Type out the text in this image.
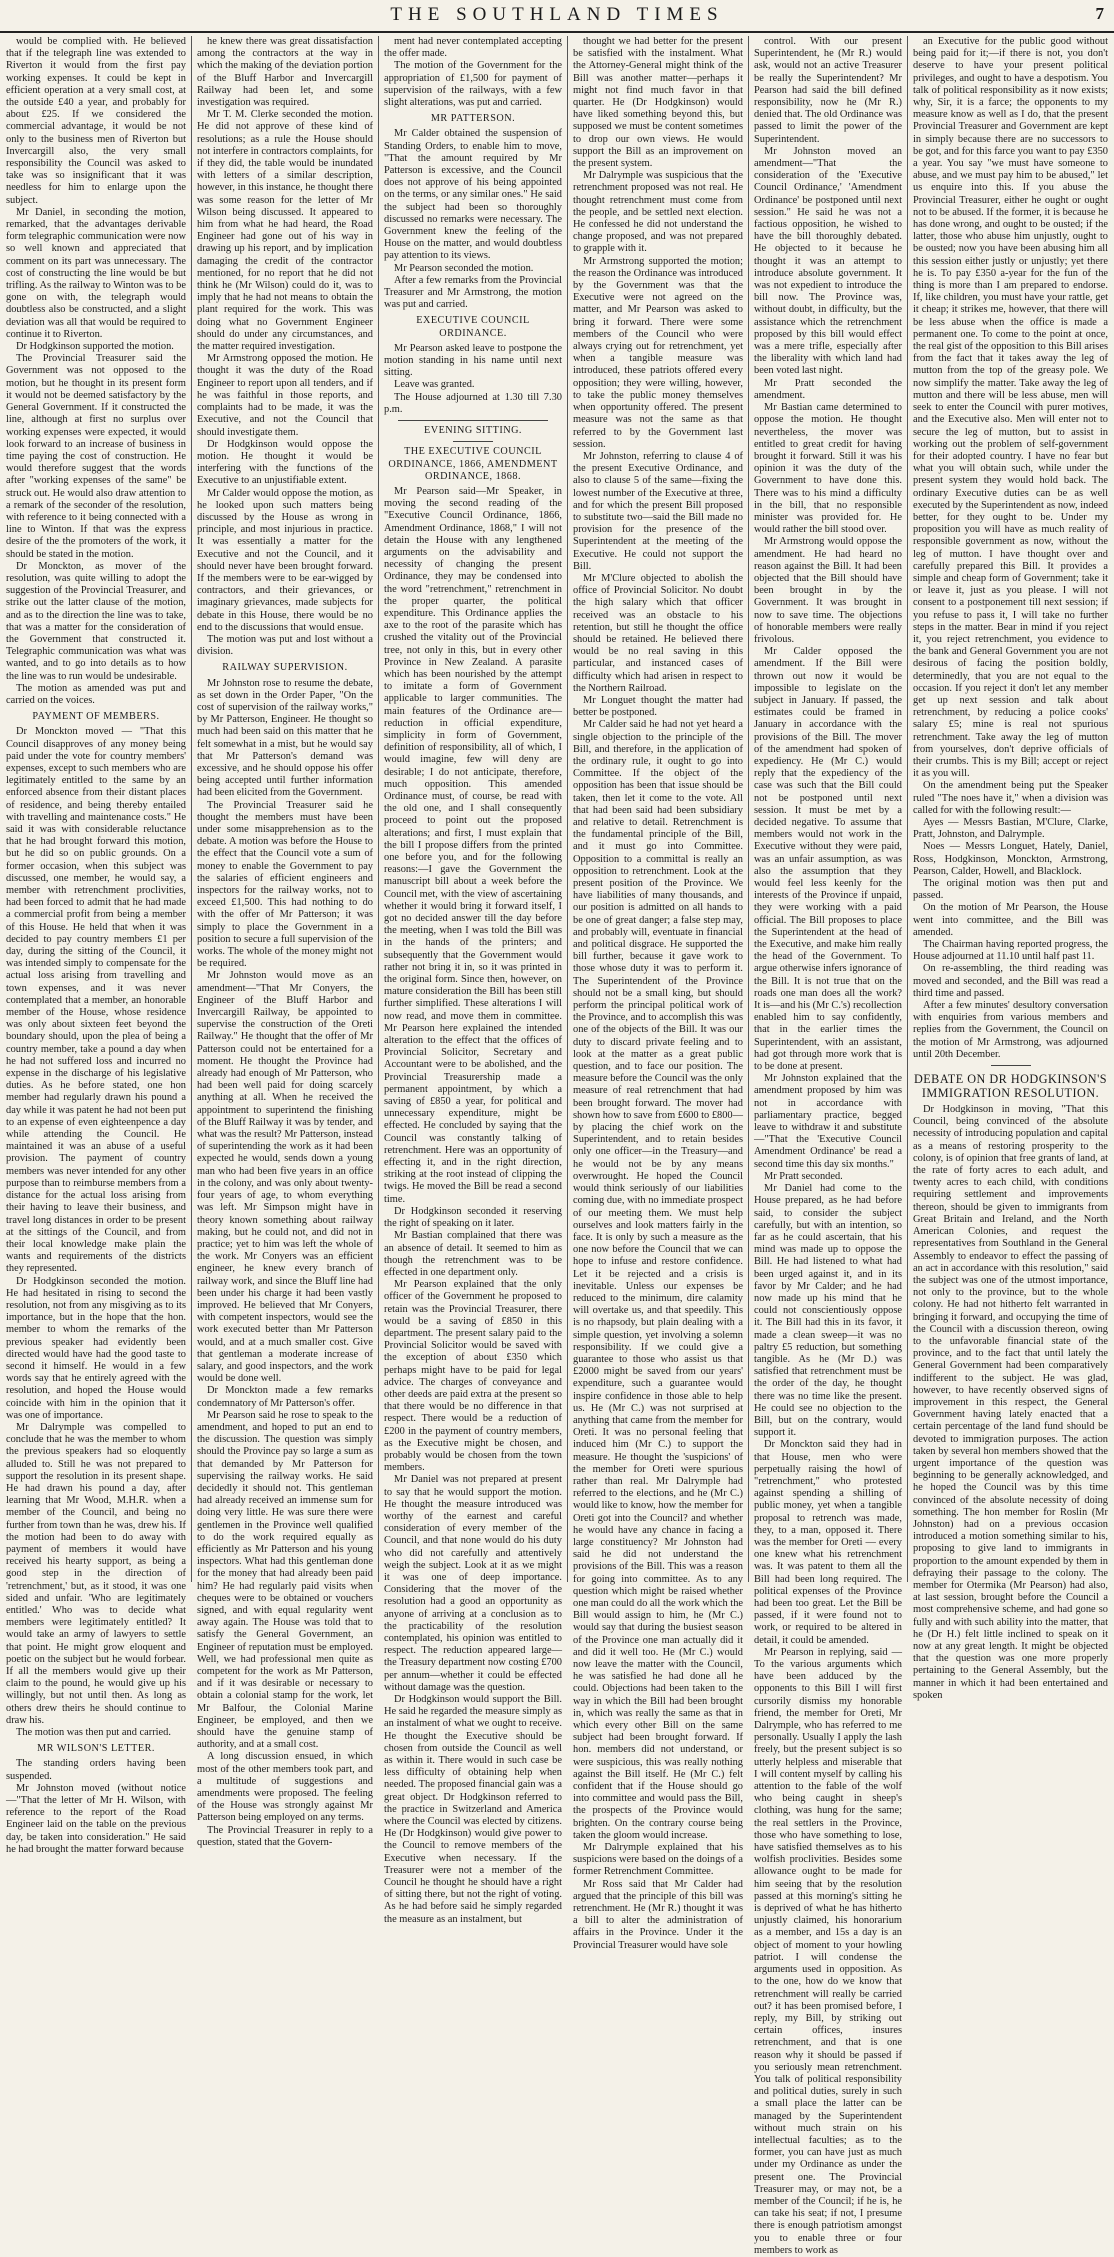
THE SOUTHLAND TIMES	7

would be complied with. He believed that if the telegraph line was extended to Riverton it would from the first pay working expenses. It could be kept in efficient operation at a very small cost, at the outside £40 a year, and probably for about £25. If we considered the commercial advantage, it would be not only to the business men of Riverton but Invercargill also, the very small responsibility the Council was asked to take was so insignificant that it was needless for him to enlarge upon the subject.

Mr Daniel, in seconding the motion, remarked, that the advantages derivable form telegraphic communication were now so well known and appreciated that comment on its part was unnecessary. The cost of constructing the line would be but trifling. As the railway to Winton was to be gone on with, the telegraph would doubtless also be constructed, and a slight deviation was all that would be required to continue it to Riverton.

Dr Hodgkinson supported the motion.

The Provincial Treasurer said the Government was not opposed to the motion, but he thought in its present form it would not be deemed satisfactory by the General Government. If it constructed the line, although at first no surplus over working expenses were expected, it would look forward to an increase of business in time paying the cost of construction. He would therefore suggest that the words after "working expenses of the same" be struck out. He would also draw attention to a remark of the seconder of the resolution, with reference to it being connected with a line to Winton. If that was the express desire of the the promoters of the work, it should be stated in the motion.

Dr Monckton, as mover of the resolution, was quite willing to adopt the suggestion of the Provincial Treasurer, and strike out the latter clause of the motion, and as to the direction the line was to take, that was a matter for the consideration of the Government that constructed it. Telegraphic communication was what was wanted, and to go into details as to how the line was to run would be undesirable.

The motion as amended was put and carried on the voices.

PAYMENT OF MEMBERS.

Dr Monckton moved — "That this Council disapproves of any money being paid under the vote for country members' expenses, except to such members who are legitimately entitled to the same by an enforced absence from their distant places of residence, and being thereby entailed with travelling and maintenance costs." He said it was with considerable reluctance that he had brought forward this motion, but he did so on public grounds. On a former occasion, when this subject was discussed, one member, he would say, a member with retrenchment proclivities, had been forced to admit that he had made a commercial profit from being a member of this House. He held that when it was decided to pay country members £1 per day, during the sitting of the Council, it was intended simply to compensate for the actual loss arising from travelling and town expenses, and it was never contemplated that a member, an honorable member of the House, whose residence was only about sixteen feet beyond the boundary should, upon the plea of being a country member, take a pound a day when he had not suffered loss and incurred no expense in the discharge of his legislative duties. As he before stated, one hon member had regularly drawn his pound a day while it was patent he had not been put to an expense of even eighteenpence a day while attending the Council. He maintained it was an abuse of a useful provision. The payment of country members was never intended for any other purpose than to reimburse members from a distance for the actual loss arising from their having to leave their business, and travel long distances in order to be present at the sittings of the Council, and from their local knowledge make plain the wants and requirements of the districts they represented.

Dr Hodgkinson seconded the motion. He had hesitated in rising to second the resolution, not from any misgiving as to its importance, but in the hope that the hon. member to whom the remarks of the previous speaker had evidently been directed would have had the good taste to second it himself. He would in a few words say that he entirely agreed with the resolution, and hoped the House would coincide with him in the opinion that it was one of importance.

Mr Dalrymple was compelled to conclude that he was the member to whom the previous speakers had so eloquently alluded to. Still he was not prepared to support the resolution in its present shape. He had drawn his pound a day, after learning that Mr Wood, M.H.R. when a member of the Council, and being no further from town than he was, drew his. If the motion had been to do away with payment of members it would have received his hearty support, as being a good step in the direction of 'retrenchment,' but, as it stood, it was one sided and unfair. 'Who are legitimately entitled.' Who was to decide what members were legitimately entitled? It would take an army of lawyers to settle that point. He might grow eloquent and poetic on the subject but he would forbear. If all the members would give up their claim to the pound, he would give up his willingly, but not until then. As long as others drew theirs he should continue to draw his.

The motion was then put and carried.

MR WILSON'S LETTER.

The standing orders having been suspended.

Mr Johnston moved (without notice—"That the letter of Mr H. Wilson, with reference to the report of the Road Engineer laid on the table on the previous day, be taken into consideration." He said he had brought the matter forward because

he knew there was great dissatisfaction among the contractors at the way in which the making of the deviation portion of the Bluff Harbor and Invercargill Railway had been let, and some investigation was required.

Mr T. M. Clerke seconded the motion. He did not approve of these kind of resolutions; as a rule the House should not interfere in contractors complaints, for if they did, the table would be inundated with letters of a similar description, however, in this instance, he thought there was some reason for the letter of Mr Wilson being discussed. It appeared to him from what he had heard, the Road Engineer had gone out of his way in drawing up his report, and by implication damaging the credit of the contractor mentioned, for no report that he did not think he (Mr Wilson) could do it, was to imply that he had not means to obtain the plant required for the work. This was doing what no Government Engineer should do under any circumstances, and the matter required investigation.

Mr Armstrong opposed the motion. He thought it was the duty of the Road Engineer to report upon all tenders, and if he was faithful in those reports, and complaints had to be made, it was the Executive, and not the Council that should investigate them.

Dr Hodgkinson would oppose the motion. He thought it would be interfering with the functions of the Executive to an unjustifiable extent.

Mr Calder would oppose the motion, as he looked upon such matters being discussed by the House as wrong in principle, and most injurious in practice. It was essentially a matter for the Executive and not the Council, and it should never have been brought forward. If the members were to be ear-wigged by contractors, and their grievances, or imaginary grievances, made subjects for debate in this House, there would be no end to the discussions that would ensue.

The motion was put and lost without a division.

RAILWAY SUPERVISION.

Mr Johnston rose to resume the debate, as set down in the Order Paper, "On the cost of supervision of the railway works," by Mr Patterson, Engineer. He thought so much had been said on this matter that he felt somewhat in a mist, but he would say that Mr Patterson's demand was excessive, and he should oppose his offer being accepted until further information had been elicited from the Government.

The Provincial Treasurer said he thought the members must have been under some misapprehension as to the debate. A motion was before the House to the effect that the Council vote a sum of money to enable the Government to pay the salaries of efficient engineers and inspectors for the railway works, not to exceed £1,500. This had nothing to do with the offer of Mr Patterson; it was simply to place the Government in a position to secure a full supervision of the works. The whole of the money might not be required.

Mr Johnston would move as an amendment—"That Mr Conyers, the Engineer of the Bluff Harbor and Invercargill Railway, be appointed to supervise the construction of the Oreti Railway." He thought that the offer of Mr Patterson could not be entertained for a moment. He thought the Province had already had enough of Mr Patterson, who had been well paid for doing scarcely anything at all. When he received the appointment to superintend the finishing of the Bluff Railway it was by tender, and what was the result? Mr Patterson, instead of superintending the work as it had been expected he would, sends down a young man who had been five years in an office in the colony, and was only about twenty-four years of age, to whom everything was left. Mr Simpson might have in theory known something about railway making, but he could not, and did not in practice; yet to him was left the whole of the work. Mr Conyers was an efficient engineer, he knew every branch of railway work, and since the Bluff line had been under his charge it had been vastly improved. He believed that Mr Conyers, with competent inspectors, would see the work executed better than Mr Patterson would, and at a much smaller cost. Give that gentleman a moderate increase of salary, and good inspectors, and the work would be done well.

Dr Monckton made a few remarks condemnatory of Mr Patterson's offer.

Mr Pearson said he rose to speak to the amendment, and hoped to put an end to the discussion. The question was simply should the Province pay so large a sum as that demanded by Mr Patterson for supervising the railway works. He said decidedly it should not. This gentleman had already received an immense sum for doing very little. He was sure there were gentlemen in the Province well qualified to do the work required equally as efficiently as Mr Patterson and his young inspectors. What had this gentleman done for the money that had already been paid him? He had regularly paid visits when cheques were to be obtained or vouchers signed, and with equal regularity went away again. The House was told that to satisfy the General Government, an Engineer of reputation must be employed. Well, we had professional men quite as competent for the work as Mr Patterson, and if it was desirable or necessary to obtain a colonial stamp for the work, let Mr Balfour, the Colonial Marine Engineer, be employed, and then we should have the genuine stamp of authority, and at a small cost.

A long discussion ensued, in which most of the other members took part, and a multitude of suggestions and amendments were proposed. The feeling of the House was strongly against Mr Patterson being employed on any terms.

The Provincial Treasurer in reply to a question, stated that the Govern-

ment had never contemplated accepting the offer made.

The motion of the Government for the appropriation of £1,500 for payment of supervision of the railways, with a few slight alterations, was put and carried.

MR PATTERSON.

Mr Calder obtained the suspension of Standing Orders, to enable him to move, "That the amount required by Mr Patterson is excessive, and the Council does not approve of his being appointed on the terms, or any similar ones." He said the subject had been so thoroughly discussed no remarks were necessary. The Government knew the feeling of the House on the matter, and would doubtless pay attention to its views.

Mr Pearson seconded the motion.

After a few remarks from the Provincial Treasurer and Mr Armstrong, the motion was put and carried.

EXECUTIVE COUNCIL ORDINANCE.

Mr Pearson asked leave to postpone the motion standing in his name until next sitting.

Leave was granted.

The House adjourned at 1.30 till 7.30 p.m.

EVENING SITTING.
THE EXECUTIVE COUNCIL ORDINANCE, 1866, AMENDMENT ORDINANCE, 1868.

Mr Pearson said—Mr Speaker, in moving the second reading of the "Executive Council Ordinance, 1866, Amendment Ordinance, 1868," I will not detain the House with any lengthened arguments on the advisability and necessity of changing the present Ordinance, they may be condensed into the word "retrenchment," retrenchment in the proper quarter, the political expenditure. This Ordinance applies the axe to the root of the parasite which has crushed the vitality out of the Provincial tree, not only in this, but in every other Province in New Zealand. A parasite which has been nourished by the attempt to imitate a form of Government applicable to larger communities. The main features of the Ordinance are—reduction in official expenditure, simplicity in form of Government, definition of responsibility, all of which, I would imagine, few will deny are desirable; I do not anticipate, therefore, much opposition. This amended Ordinance must, of course, be read with the old one, and I shall consequently proceed to point out the proposed alterations; and first, I must explain that the bill I propose differs from the printed one before you, and for the following reasons:—I gave the Government the manuscript bill about a week before the Council met, with the view of ascertaining whether it would bring it forward itself, I got no decided answer till the day before the meeting, when I was told the Bill was in the hands of the printers; and subsequently that the Government would rather not bring it in, so it was printed in the original form. Since then, however, on mature consideration the Bill has been still further simplified. These alterations I will now read, and move them in committee. Mr Pearson here explained the intended alteration to the effect that the offices of Provincial Solicitor, Secretary and Accountant were to be abolished, and the Provincial Treasurership made a permanent appointment, by which a saving of £850 a year, for political and unnecessary expenditure, might be effected. He concluded by saying that the Council was constantly talking of retrenchment. Here was an opportunity of effecting it, and in the right direction, striking at the root instead of clipping the twigs. He moved the Bill be read a second time.

Dr Hodgkinson seconded it reserving the right of speaking on it later.

Mr Bastian complained that there was an absence of detail. It seemed to him as though the retrenchment was to be effected in one department only.

Mr Pearson explained that the only officer of the Government he proposed to retain was the Provincial Treasurer, there would be a saving of £850 in this department. The present salary paid to the Provincial Solicitor would be saved with the exception of about £350 which perhaps might have to be paid for legal advice. The charges of conveyance and other deeds are paid extra at the present so that there would be no difference in that respect. There would be a reduction of £200 in the payment of country members, as the Executive might be chosen, and probably would be chosen from the town members.

Mr Daniel was not prepared at present to say that he would support the motion. He thought the measure introduced was worthy of the earnest and careful consideration of every member of the Council, and that none would do his duty who did not carefully and attentively weigh the subject. Look at it as we might it was one of deep importance. Considering that the mover of the resolution had a good an opportunity as anyone of arriving at a conclusion as to the practicability of the resolution contemplated, his opinion was entitled to respect. The reduction appeared large—the Treasury department now costing £700 per annum—whether it could be effected without damage was the question.

Dr Hodgkinson would support the Bill. He said he regarded the measure simply as an instalment of what we ought to receive. He thought the Executive should be chosen from outside the Council as well as within it. There would in such case be less difficulty of obtaining help when needed. The proposed financial gain was a great object. Dr Hodgkinson referred to the practice in Switzerland and America where the Council was elected by citizens. He (Dr Hodgkinson) would give power to the Council to remove members of the Executive when necessary. If the Treasurer were not a member of the Council he thought he should have a right of sitting there, but not the right of voting. As he had before said he simply regarded the measure as an instalment, but

thought we had better for the present be satisfied with the instalment. What the Attorney-General might think of the Bill was another matter—perhaps it might not find much favor in that quarter. He (Dr Hodgkinson) would have liked something beyond this, but supposed we must be content sometimes to drop our own views. He would support the Bill as an improvement on the present system.

Mr Dalrymple was suspicious that the retrenchment proposed was not real. He thought retrenchment must come from the people, and be settled next election. He confessed he did not understand the change proposed, and was not prepared to grapple with it.

Mr Armstrong supported the motion; the reason the Ordinance was introduced by the Government was that the Executive were not agreed on the matter, and Mr Pearson was asked to bring it forward. There were some members of the Council who were always crying out for retrenchment, yet when a tangible measure was introduced, these patriots offered every opposition; they were willing, however, to take the public money themselves when opportunity offered. The present measure was not the same as that referred to by the Government last session.

Mr Johnston, referring to clause 4 of the present Executive Ordinance, and also to clause 5 of the same—fixing the lowest number of the Executive at three, and for which the present Bill proposed to substitute two—said the Bill made no provision for the presence of the Superintendent at the meeting of the Executive. He could not support the Bill.

Mr M'Clure objected to abolish the office of Provincial Solicitor. No doubt the high salary which that officer received was an obstacle to his retention, but still he thought the office should be retained. He believed there would be no real saving in this particular, and instanced cases of difficulty which had arisen in respect to the Northern Railroad.

Mr Longuet thought the matter had better be postponed.

Mr Calder said he had not yet heard a single objection to the principle of the Bill, and therefore, in the application of the ordinary rule, it ought to go into Committee. If the object of the opposition has been that issue should be taken, then let it come to the vote. All that had been said had been subsidiary and relative to detail. Retrenchment is the fundamental principle of the Bill, and it must go into Committee. Opposition to a committal is really an opposition to retrenchment. Look at the present position of the Province. We have liabilities of many thousands, and our position is admitted on all hands to be one of great danger; a false step may, and probably will, eventuate in financial and political disgrace. He supported the bill further, because it gave work to those whose duty it was to perform it. The Superintendent of the Province should not be a small king, but should perform the principal political work of the Province, and to accomplish this was one of the objects of the Bill. It was our duty to discard private feeling and to look at the matter as a great public question, and to face our position. The measure before the Council was the only measure of real retrenchment that had been brought forward. The mover had shown how to save from £600 to £800—by placing the chief work on the Superintendent, and to retain besides only one officer—in the Treasury—and he would not be by any means overwrought. He hoped the Council would think seriously of our liabilities coming due, with no immediate prospect of our meeting them. We must help ourselves and look matters fairly in the face. It is only by such a measure as the one now before the Council that we can hope to infuse and restore confidence. Let it be rejected and a crisis is inevitable. Unless our expenses be reduced to the minimum, dire calamity will overtake us, and that speedily. This is no rhapsody, but plain dealing with a simple question, yet involving a solemn responsibility. If we could give a guarantee to those who assist us that £2000 might be saved from our years' expenditure, such a guarantee would inspire confidence in those able to help us. He (Mr C.) was not surprised at anything that came from the member for Oreti. It was no personal feeling that induced him (Mr C.) to support the measure. He thought the 'suspicions' of the member for Oreti were spurious rather than real. Mr Dalrymple had referred to the elections, and he (Mr C.) would like to know, how the member for Oreti got into the Council? and whether he would have any chance in facing a large constituency? Mr Johnston had said he did not understand the provisions of the Bill. This was a reason for going into committee. As to any question which might be raised whether one man could do all the work which the Bill would assign to him, he (Mr C.) would say that during the busiest season of the Province one man actually did it and did it well too. He (Mr C.) would now leave the matter with the Council, he was satisfied he had done all he could. Objections had been taken to the way in which the Bill had been brought in, which was really the same as that in which every other Bill on the same subject had been brought forward. If hon. members did not understand, or were suspicious, this was really nothing against the Bill itself. He (Mr C.) felt confident that if the House should go into committee and would pass the Bill, the prospects of the Province would brighten. On the contrary course being taken the gloom would increase.

Mr Dalrymple explained that his suspicions were based on the doings of a former Retrenchment Committee.

Mr Ross said that Mr Calder had argued that the principle of this bill was retrenchment. He (Mr R.) thought it was a bill to alter the administration of affairs in the Province. Under it the Provincial Treasurer would have sole

control. With our present Superintendent, he (Mr R.) would ask, would not an active Treasurer be really the Superintendent? Mr Pearson had said the bill defined responsibility, now he (Mr R.) denied that. The old Ordinance was passed to limit the power of the Superintendent.

Mr Johnston moved an amendment—"That the consideration of the 'Executive Council Ordinance,' 'Amendment Ordinance' be postponed until next session." He said he was not a factious opposition, he wished to have the bill thoroughly debated. He objected to it because he thought it was an attempt to introduce absolute government. It was not expedient to introduce the bill now. The Province was, without doubt, in difficulty, but the assistance which the retrenchment proposed by this bill would effect was a mere trifle, especially after the liberality with which land had been voted last night.

Mr Pratt seconded the amendment.

Mr Bastian came determined to oppose the motion. He thought nevertheless, the mover was entitled to great credit for having brought it forward. Still it was his opinion it was the duty of the Government to have done this. There was to his mind a difficulty in the bill, that no responsible minister was provided for. He would rather the bill stood over.

Mr Armstrong would oppose the amendment. He had heard no reason against the Bill. It had been objected that the Bill should have been brought in by the Government. It was brought in now to save time. The objections of honorable members were really frivolous.

Mr Calder opposed the amendment. If the Bill were thrown out now it would be impossible to legislate on the subject in January. If passed, the estimates could be framed in January in accordance with the provisions of the Bill. The mover of the amendment had spoken of expediency. He (Mr C.) would reply that the expediency of the case was such that the Bill could not be postponed until next session. It must be met by a decided negative. To assume that members would not work in the Executive without they were paid, was an unfair assumption, as was also the assumption that they would feel less keenly for the interests of the Province if unpaid, they were working with a paid official. The Bill proposes to place the Superintendent at the head of the Executive, and make him really the head of the Government. To argue otherwise infers ignorance of the Bill. It is not true that on the roads one man does all the work? It is—and his (Mr C.'s) recollection enabled him to say confidently, that in the earlier times the Superintendent, with an assistant, had got through more work that is to be done at present.

Mr Johnston explained that the amendment proposed by him was not in accordance with parliamentary practice, begged leave to withdraw it and substitute—"That the 'Executive Council Amendment Ordinance' be read a second time this day six months."

Mr Pratt seconded.

Mr Daniel had come to the House prepared, as he had before said, to consider the subject carefully, but with an intention, so far as he could ascertain, that his mind was made up to oppose the Bill. He had listened to what had been urged against it, and in its favor by Mr Calder; and he had now made up his mind that he could not conscientiously oppose it. The Bill had this in its favor, it made a clean sweep—it was no paltry £5 reduction, but something tangible. As he (Mr D.) was satisfied that retrenchment must be the order of the day, he thought there was no time like the present. He could see no objection to the Bill, but on the contrary, would support it.

Dr Monckton said they had in that House, men who were perpetually raising the howl of "retrenchment," who protested against spending a shilling of public money, yet when a tangible proposal to retrench was made, they, to a man, opposed it. There was the member for Oreti — every one knew what his retrenchment was. It was patent to them all the Bill had been long required. The political expenses of the Province had been too great. Let the Bill be passed, if it were found not to work, or required to be altered in detail, it could be amended.

Mr Pearson in replying, said — To the various arguments which have been adduced by the opponents to this Bill I will first cursorily dismiss my honorable friend, the member for Oreti, Mr Dalrymple, who has referred to me personally. Usually I apply the lash freely, but the present subject is so utterly helpless and miserable that I will content myself by calling his attention to the fable of the wolf who being caught in sheep's clothing, was hung for the same; the real settlers in the Province, those who have something to lose, have satisfied themselves as to his wolfish proclivities. Besides some allowance ought to be made for him seeing that by the resolution passed at this morning's sitting he is deprived of what he has hitherto unjustly claimed, his honorarium as a member, and 15s a day is an object of moment to your howling patriot. I will condense the arguments used in opposition. As to the one, how do we know that retrenchment will really be carried out? it has been promised before, I reply, my Bill, by striking out certain offices, insures retrenchment, and that is one reason why it should be passed if you seriously mean retrenchment. You talk of political responsibility and political duties, surely in such a small place the latter can be managed by the Superintendent without much strain on his intellectual faculties; as to the former, you can have just as much under my Ordinance as under the present one. The Provincial Treasurer may, or may not, be a member of the Council; if he is, he can take his seat; if not, I presume there is enough patriotism amongst you to enable three or four members to work as

an Executive for the public good without being paid for it;—if there is not, you don't deserve to have your present political privileges, and ought to have a despotism. You talk of political responsibility as it now exists; why, Sir, it is a farce; the opponents to my measure know as well as I do, that the present Provincial Treasurer and Government are kept in simply because there are no successors to be got, and for this farce you want to pay £350 a year. You say "we must have someone to abuse, and we must pay him to be abused," let us enquire into this. If you abuse the Provincial Treasurer, either he ought or ought not to be abused. If the former, it is because he has done wrong, and ought to be ousted; if the latter, those who abuse him unjustly, ought to be ousted; now you have been abusing him all this session either justly or unjustly; yet there he is. To pay £350 a-year for the fun of the thing is more than I am prepared to endorse. If, like children, you must have your rattle, get it cheap; it strikes me, however, that there will be less abuse when the office is made a permanent one. To come to the point at once, the real gist of the opposition to this Bill arises from the fact that it takes away the leg of mutton from the top of the greasy pole. We now simplify the matter. Take away the leg of mutton and there will be less abuse, men will seek to enter the Council with purer motives, and the Executive also. Men will enter not to secure the leg of mutton, but to assist in working out the problem of self-government for their adopted country. I have no fear but what you will obtain such, while under the present system they would hold back. The ordinary Executive duties can be as well executed by the Superintendent as now, indeed better, for they ought to be. Under my proposition you will have as much reality of responsible government as now, without the leg of mutton. I have thought over and carefully prepared this Bill. It provides a simple and cheap form of Government; take it or leave it, just as you please. I will not consent to a postponement till next session; if you refuse to pass it, I will take no further steps in the matter. Bear in mind if you reject it, you reject retrenchment, you evidence to the bank and General Government you are not desirous of facing the position boldly, determinedly, that you are not equal to the occasion. If you reject it don't let any member get up next session and talk about retrenchment, by reducing a police cooks' salary £5; mine is real not spurious retrenchment. Take away the leg of mutton from yourselves, don't deprive officials of their crumbs. This is my Bill; accept or reject it as you will.

On the amendment being put the Speaker ruled "The noes have it," when a division was called for with the following result:—

Ayes — Messrs Bastian, M'Clure, Clarke, Pratt, Johnston, and Dalrymple.

Noes — Messrs Longuet, Hately, Daniel, Ross, Hodgkinson, Monckton, Armstrong, Pearson, Calder, Howell, and Blacklock.

The original motion was then put and passed.

On the motion of Mr Pearson, the House went into committee, and the Bill was amended.

The Chairman having reported progress, the House adjourned at 11.10 until half past 11.

On re-assembling, the third reading was moved and seconded, and the Bill was read a third time and passed.

After a few minutes' desultory conversation with enquiries from various members and replies from the Government, the Council on the motion of Mr Armstrong, was adjourned until 20th December.

DEBATE ON DR HODGKINSON'S IMMIGRATION RESOLUTION.

Dr Hodgkinson in moving, "That this Council, being convinced of the absolute necessity of introducing population and capital as a means of restoring prosperity to the colony, is of opinion that free grants of land, at the rate of forty acres to each adult, and twenty acres to each child, with conditions requiring settlement and improvements thereon, should be given to immigrants from Great Britain and Ireland, and the North American Colonies, and request the representatives from Southland in the General Assembly to endeavor to effect the passing of an act in accordance with this resolution," said the subject was one of the utmost importance, not only to the province, but to the whole colony. He had not hitherto felt warranted in bringing it forward, and occupying the time of the Council with a discussion thereon, owing to the unfavorable financial state of the province, and to the fact that until lately the General Government had been comparatively indifferent to the subject. He was glad, however, to have recently observed signs of improvement in this respect, the General Government having lately enacted that a certain percentage of the land fund should be devoted to immigration purposes. The action taken by several hon members showed that the urgent importance of the question was beginning to be generally acknowledged, and he hoped the Council was by this time convinced of the absolute necessity of doing something. The hon member for Roslin (Mr Johnston) had on a previous occasion introduced a motion something similar to his, proposing to give land to immigrants in proportion to the amount expended by them in defraying their passage to the colony. The member for Otermika (Mr Pearson) had also, at last session, brought before the Council a most comprehensive scheme, and had gone so fully and with such ability into the matter, that he (Dr H.) felt little inclined to speak on it now at any great length. It might be objected that the question was one more properly pertaining to the General Assembly, but the manner in which it had been entertained and spoken
